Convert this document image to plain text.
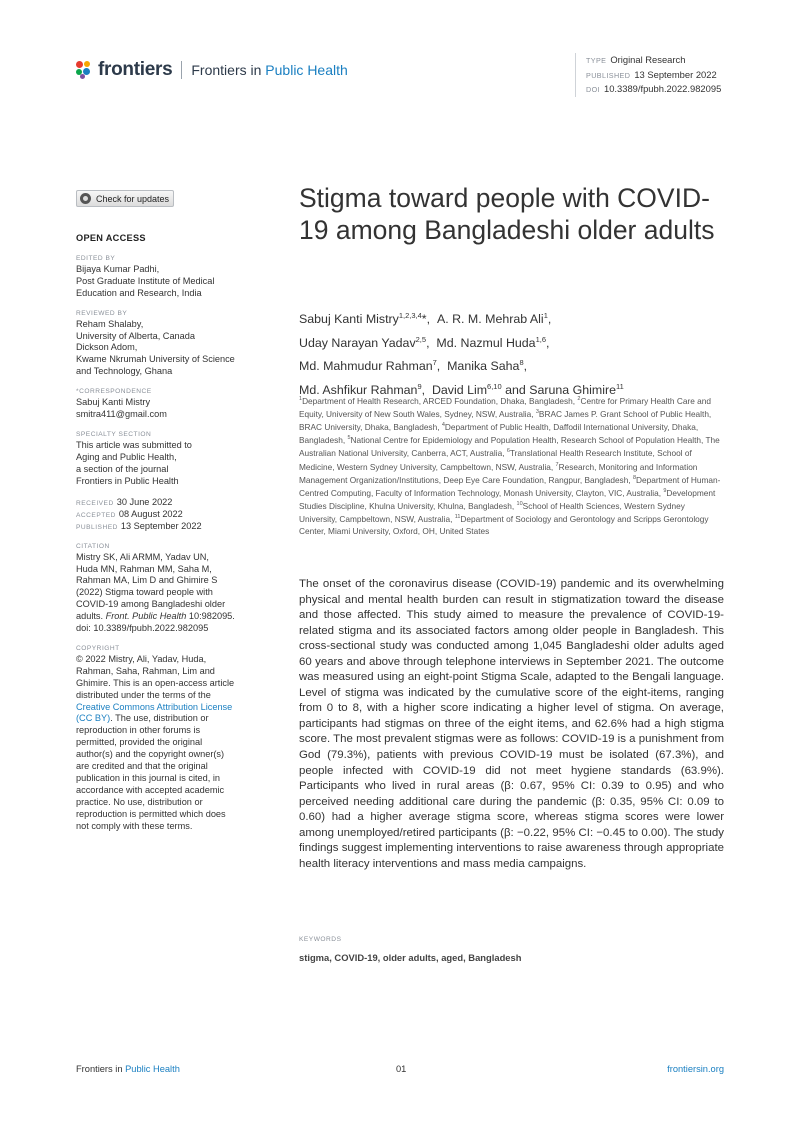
frontiers Frontiers in Public Health
TYPE Original Research
PUBLISHED 13 September 2022
DOI 10.3389/fpubh.2022.982095
Check for updates
OPEN ACCESS
EDITED BY
Bijaya Kumar Padhi,
Post Graduate Institute of Medical
Education and Research, India
REVIEWED BY
Reham Shalaby,
University of Alberta, Canada
Dickson Adom,
Kwame Nkrumah University of Science
and Technology, Ghana
*CORRESPONDENCE
Sabuj Kanti Mistry
smitra411@gmail.com
SPECIALTY SECTION
This article was submitted to
Aging and Public Health,
a section of the journal
Frontiers in Public Health
RECEIVED 30 June 2022
ACCEPTED 08 August 2022
PUBLISHED 13 September 2022
CITATION
Mistry SK, Ali ARMM, Yadav UN,
Huda MN, Rahman MM, Saha M,
Rahman MA, Lim D and Ghimire S
(2022) Stigma toward people with
COVID-19 among Bangladeshi older
adults. Front. Public Health 10:982095.
doi: 10.3389/fpubh.2022.982095
COPYRIGHT
© 2022 Mistry, Ali, Yadav, Huda,
Rahman, Saha, Rahman, Lim and
Ghimire. This is an open-access article
distributed under the terms of the
Creative Commons Attribution License
(CC BY). The use, distribution or
reproduction in other forums is
permitted, provided the original
author(s) and the copyright owner(s)
are credited and that the original
publication in this journal is cited, in
accordance with accepted academic
practice. No use, distribution or
reproduction is permitted which does
not comply with these terms.
Stigma toward people with COVID-19 among Bangladeshi older adults
Sabuj Kanti Mistry$^{1,2,3,4}$*,  A. R. M. Mehrab Ali$^1$,
Uday Narayan Yadav$^{2,5}$,  Md. Nazmul Huda$^{1,6}$,
Md. Mahmudur Rahman$^7$,  Manika Saha$^8$,
Md. Ashfikur Rahman$^9$,  David Lim$^{6,10}$ and Saruna Ghimire$^{11}$
$^1$Department of Health Research, ARCED Foundation, Dhaka, Bangladesh, $^2$Centre for Primary Health Care and Equity, University of New South Wales, Sydney, NSW, Australia, $^3$BRAC James P. Grant School of Public Health, BRAC University, Dhaka, Bangladesh, $^4$Department of Public Health, Daffodil International University, Dhaka, Bangladesh, $^5$National Centre for Epidemiology and Population Health, Research School of Population Health, The Australian National University, Canberra, ACT, Australia, $^6$Translational Health Research Institute, School of Medicine, Western Sydney University, Campbeltown, NSW, Australia, $^7$Research, Monitoring and Information Management Organization/Institutions, Deep Eye Care Foundation, Rangpur, Bangladesh, $^8$Department of Human-Centred Computing, Faculty of Information Technology, Monash University, Clayton, VIC, Australia, $^9$Development Studies Discipline, Khulna University, Khulna, Bangladesh, $^{10}$School of Health Sciences, Western Sydney University, Campbeltown, NSW, Australia, $^{11}$Department of Sociology and Gerontology and Scripps Gerontology Center, Miami University, Oxford, OH, United States

The onset of the coronavirus disease (COVID-19) pandemic and its overwhelming physical and mental health burden can result in stigmatization toward the disease and those affected. This study aimed to measure the prevalence of COVID-19-related stigma and its associated factors among older people in Bangladesh. This cross-sectional study was conducted among 1,045 Bangladeshi older adults aged 60 years and above through telephone interviews in September 2021. The outcome was measured using an eight-point Stigma Scale, adapted to the Bengali language. Level of stigma was indicated by the cumulative score of the eight-items, ranging from 0 to 8, with a higher score indicating a higher level of stigma. On average, participants had stigmas on three of the eight items, and 62.6% had a high stigma score. The most prevalent stigmas were as follows: COVID-19 is a punishment from God (79.3%), patients with previous COVID-19 must be isolated (67.3%), and people infected with COVID-19 did not meet hygiene standards (63.9%). Participants who lived in rural areas (β: 0.67, 95% CI: 0.39 to 0.95) and who perceived needing additional care during the pandemic (β: 0.35, 95% CI: 0.09 to 0.60) had a higher average stigma score, whereas stigma scores were lower among unemployed/retired participants (β: −0.22, 95% CI: −0.45 to 0.00). The study findings suggest implementing interventions to raise awareness through appropriate health literacy interventions and mass media campaigns.

KEYWORDS
stigma, COVID-19, older adults, aged, Bangladesh
Frontiers in Public Health	01	frontiersin.org
